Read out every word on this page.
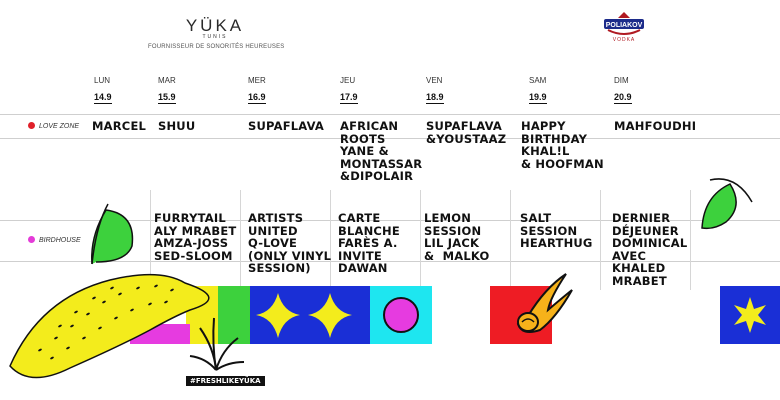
YÜKA
TUNIS
FOURNISSEUR DE SONORITÉS HEUREUSES
POLIAKOV
VODKA
LUN
14.9
MAR
15.9
MER
16.9
JEU
17.9
VEN
18.9
SAM
19.9
DIM
20.9
LOVE ZONE
BIRDHOUSE
MARCEL SHUU	SUPAFLAVA AFRICAN
ROOTS
YANE &
MONTASSAR
&DIPOLAIR
SUPAFLAVA
&YOUSTAAZ
HAPPY
BIRTHDAY
KHAL!L
& HOOFMAN
MAHFOUDHI
FURRYTAIL
ALY MRABET
AMZA-JOSS
SED-SLOOM
ARTISTS
UNITED
Q-LOVE
(ONLY VINYL
SESSION)
CARTE
BLANCHE
FARÈS A.
INVITE
DAWAN
LEMON
SESSION
LIL JACK
&  MALKO
SALT
SESSION
HEARTHUG
DERNIER
DÉJEUNER
DOMINICAL
AVEC
KHALED
MRABET
#FRESHLIKEYÜKA
